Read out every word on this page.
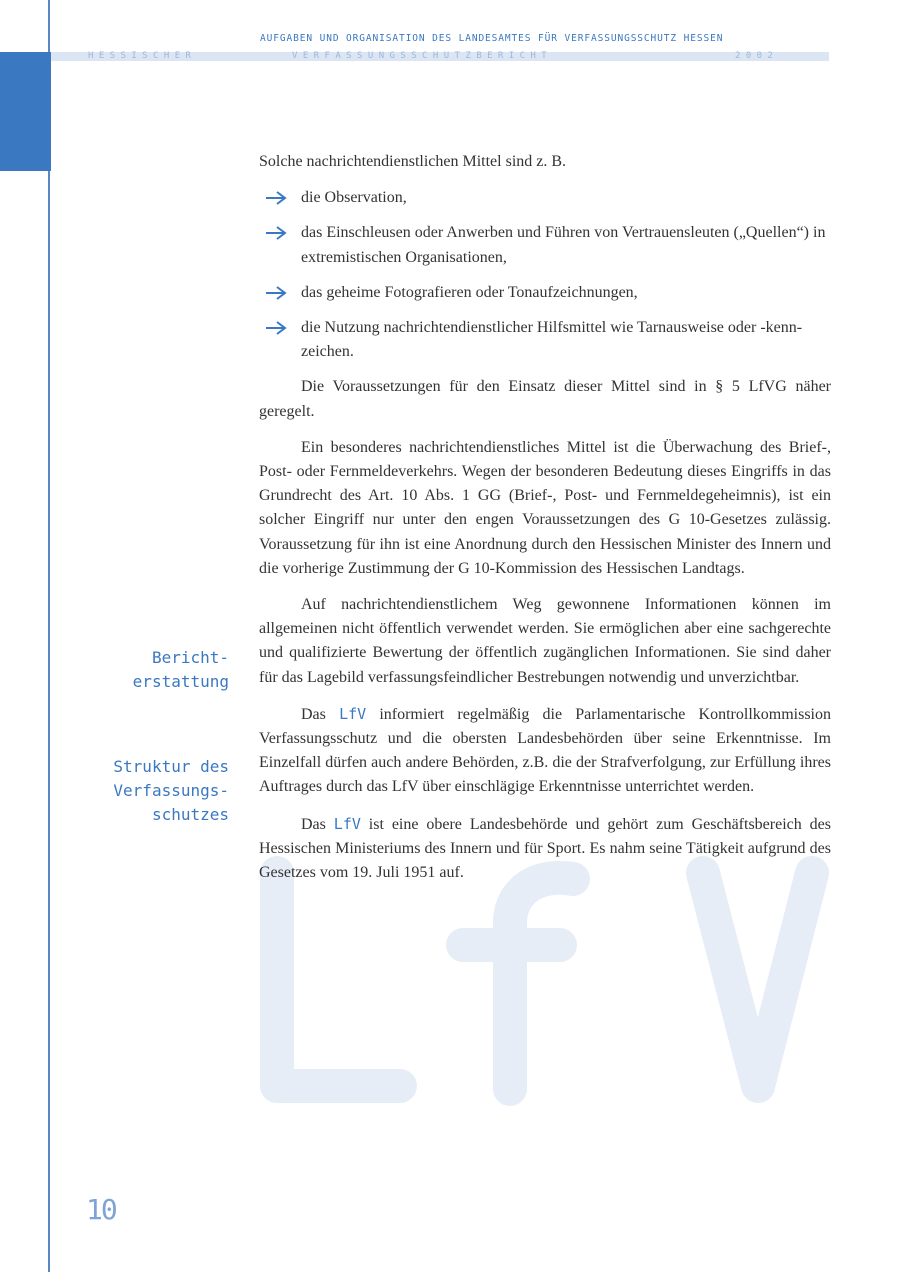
AUFGABEN UND ORGANISATION DES LANDESAMTES FÜR VERFASSUNGSSCHUTZ HESSEN
H E S S I S C H E R	V E R F A S S U N G S S C H U T Z B E R I C H T	2 0 0 2
LfV
Bericht-
erstattung
Struktur des
Verfassungs-
schutzes

Solche nachrichtendienstlichen Mittel sind z. B.

die Observation,
das Einschleusen oder Anwerben und Führen von Vertrauensleuten („Quellen“) in extremistischen Organisationen,
das geheime Fotografieren oder Tonaufzeichnungen,
die Nutzung nachrichtendienstlicher Hilfsmittel wie Tarnausweise oder -kenn-zeichen.

Die Voraussetzungen für den Einsatz dieser Mittel sind in § 5 LfVG näher geregelt.

Ein besonderes nachrichtendienstliches Mittel ist die Überwachung des Brief-, Post- oder Fernmeldeverkehrs. Wegen der besonderen Bedeutung dieses Eingriffs in das Grundrecht des Art. 10 Abs. 1 GG (Brief-, Post- und Fernmeldegeheimnis), ist ein solcher Eingriff nur unter den engen Voraussetzungen des G 10-Gesetzes zulässig. Voraussetzung für ihn ist eine Anordnung durch den Hessischen Minister des Innern und die vorherige Zustimmung der G 10-Kommission des Hessischen Landtags.

Auf nachrichtendienstlichem Weg gewonnene Informationen können im allgemeinen nicht öffentlich verwendet werden. Sie ermöglichen aber eine sachgerechte und qualifizierte Bewertung der öffentlich zugänglichen Informationen. Sie sind daher für das Lagebild verfassungsfeindlicher Bestrebungen notwendig und unverzichtbar.

Das LfV informiert regelmäßig die Parlamentarische Kontrollkommission Verfassungsschutz und die obersten Landesbehörden über seine Erkenntnisse. Im Einzelfall dürfen auch andere Behörden, z.B. die der Strafverfolgung, zur Erfüllung ihres Auftrages durch das LfV über einschlägige Erkenntnisse unterrichtet werden.

Das LfV ist eine obere Landesbehörde und gehört zum Geschäftsbereich des Hessischen Ministeriums des Innern und für Sport. Es nahm seine Tätigkeit aufgrund des Gesetzes vom 19. Juli 1951 auf.

10
